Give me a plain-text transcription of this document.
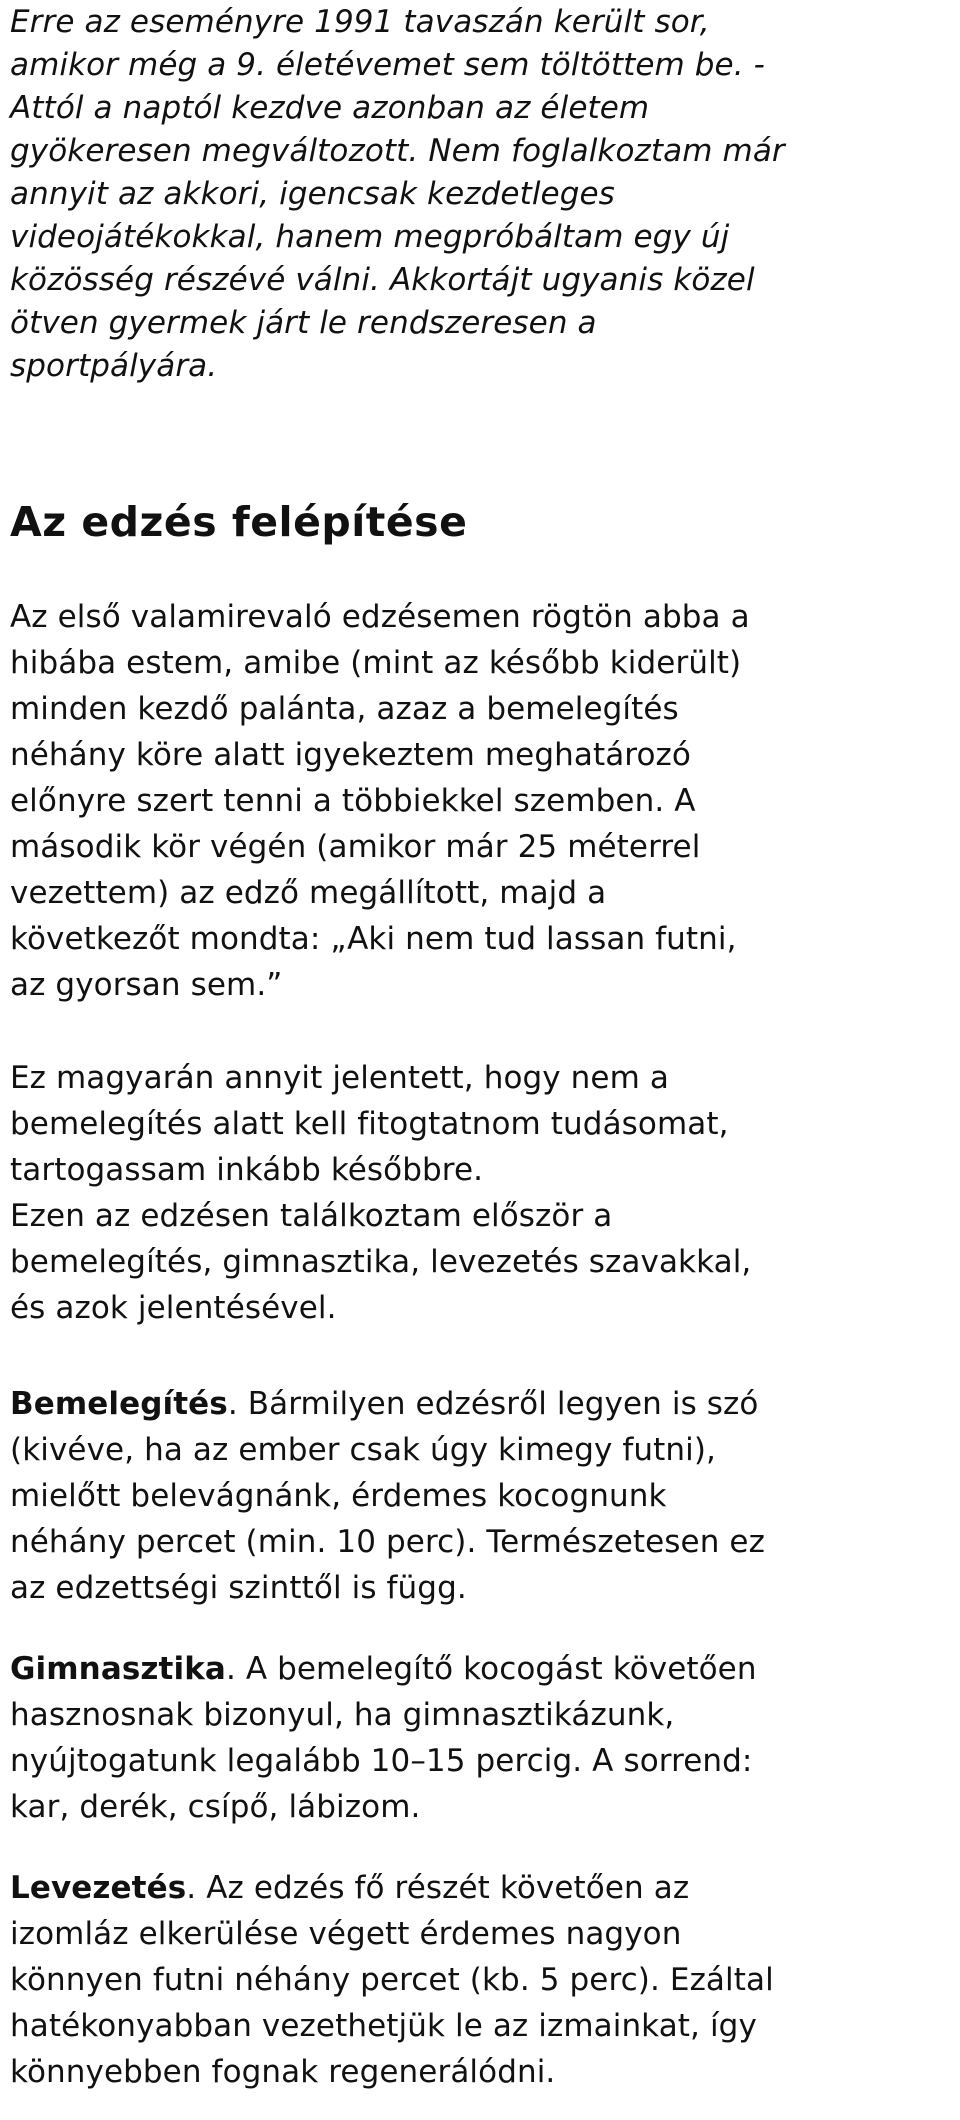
Erre az eseményre 1991 tavaszán került sor,
amikor még a 9. életévemet sem töltöttem be. -
Attól a naptól kezdve azonban az életem
gyökeresen megváltozott. Nem foglalkoztam már
annyit az akkori, igencsak kezdetleges
videojátékokkal, hanem megpróbáltam egy új
közösség részévé válni. Akkortájt ugyanis közel
ötven gyermek járt le rendszeresen a
sportpályára.
Az edzés felépítése
Az első valamirevaló edzésemen rögtön abba a
hibába estem, amibe (mint az később kiderült)
minden kezdő palánta, azaz a bemelegítés
néhány köre alatt igyekeztem meghatározó
előnyre szert tenni a többiekkel szemben. A
második kör végén (amikor már 25 méterrel
vezettem) az edző megállított, majd a
következőt mondta: „Aki nem tud lassan futni,
az gyorsan sem.”
Ez magyarán annyit jelentett, hogy nem a
bemelegítés alatt kell fitogtatnom tudásomat,
tartogassam inkább későbbre.
Ezen az edzésen találkoztam először a
bemelegítés, gimnasztika, levezetés szavakkal,
és azok jelentésével.
Bemelegítés. Bármilyen edzésről legyen is szó
(kivéve, ha az ember csak úgy kimegy futni),
mielőtt belevágnánk, érdemes kocognunk
néhány percet (min. 10 perc). Természetesen ez
az edzettségi szinttől is függ.
Gimnasztika. A bemelegítő kocogást követően
hasznosnak bizonyul, ha gimnasztikázunk,
nyújtogatunk legalább 10–15 percig. A sorrend:
kar, derék, csípő, lábizom.
Levezetés. Az edzés fő részét követően az
izomláz elkerülése végett érdemes nagyon
könnyen futni néhány percet (kb. 5 perc). Ezáltal
hatékonyabban vezethetjük le az izmainkat, így
könnyebben fognak regenerálódni.
